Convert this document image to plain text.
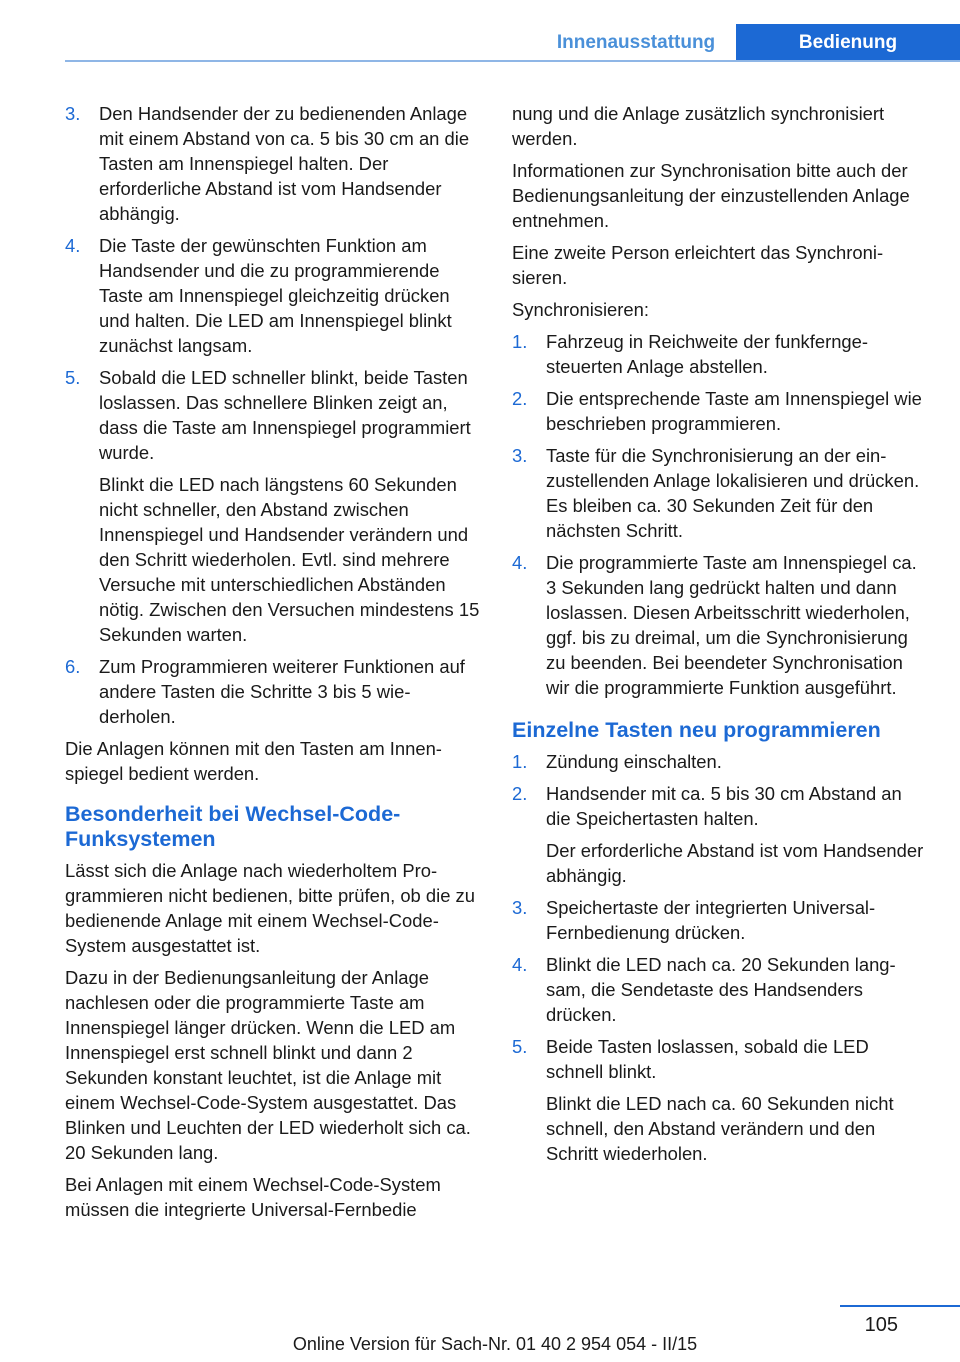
Innenausstattung	Bedienung
3. Den Handsender der zu bedienenden Anlage mit einem Abstand von ca. 5 bis 30 cm an die Tasten am Innenspiegel halten. Der erforderliche Abstand ist vom Handsender abhängig.

4. Die Taste der gewünschten Funktion am Handsender und die zu programmierende Taste am Innenspiegel gleichzeitig drücken und halten. Die LED am Innenspiegel blinkt zunächst langsam.

5. Sobald die LED schneller blinkt, beide Tasten loslassen. Das schnellere Blinken zeigt an, dass die Taste am Innenspiegel programmiert wurde.

Blinkt die LED nach längstens 60 Sekunden nicht schneller, den Abstand zwischen Innenspiegel und Handsender verändern und den Schritt wiederholen. Evtl. sind mehrere Versuche mit unterschiedlichen Abständen nötig. Zwischen den Versuchen mindestens 15 Sekunden warten.

6. Zum Programmieren weiterer Funktionen auf andere Tasten die Schritte 3 bis 5 wiederholen.

Die Anlagen können mit den Tasten am Innenspiegel bedient werden.

Besonderheit bei Wechsel-Code-Funksystemen

Lässt sich die Anlage nach wiederholtem Programmieren nicht bedienen, bitte prüfen, ob die zu bedienende Anlage mit einem Wechsel-Code-System ausgestattet ist.

Dazu in der Bedienungsanleitung der Anlage nachlesen oder die programmierte Taste am Innenspiegel länger drücken. Wenn die LED am Innenspiegel erst schnell blinkt und dann 2 Sekunden konstant leuchtet, ist die Anlage mit einem Wechsel-Code-System ausgestattet. Das Blinken und Leuchten der LED wiederholt sich ca. 20 Sekunden lang.

Bei Anlagen mit einem Wechsel-Code-System müssen die integrierte Universal-Fernbedie

nung und die Anlage zusätzlich synchronisiert werden.

Informationen zur Synchronisation bitte auch der Bedienungsanleitung der einzustellenden Anlage entnehmen.

Eine zweite Person erleichtert das Synchronisieren.

Synchronisieren:

1. Fahrzeug in Reichweite der funkferngesteuerten Anlage abstellen.

2. Die entsprechende Taste am Innenspiegel wie beschrieben programmieren.

3. Taste für die Synchronisierung an der einzustellenden Anlage lokalisieren und drücken. Es bleiben ca. 30 Sekunden Zeit für den nächsten Schritt.

4. Die programmierte Taste am Innenspiegel ca. 3 Sekunden lang gedrückt halten und dann loslassen. Diesen Arbeitsschritt wiederholen, ggf. bis zu dreimal, um die Synchronisierung zu beenden. Bei beendeter Synchronisation wir die programmierte Funktion ausgeführt.

Einzelne Tasten neu programmieren
1. Zündung einschalten.

2. Handsender mit ca. 5 bis 30 cm Abstand an die Speichertasten halten.

Der erforderliche Abstand ist vom Handsender abhängig.

3. Speichertaste der integrierten Universal-Fernbedienung drücken.

4. Blinkt die LED nach ca. 20 Sekunden langsam, die Sendetaste des Handsenders drücken.

5. Beide Tasten loslassen, sobald die LED schnell blinkt.

Blinkt die LED nach ca. 60 Sekunden nicht schnell, den Abstand verändern und den Schritt wiederholen.

105
Online Version für Sach-Nr. 01 40 2 954 054 - II/15
